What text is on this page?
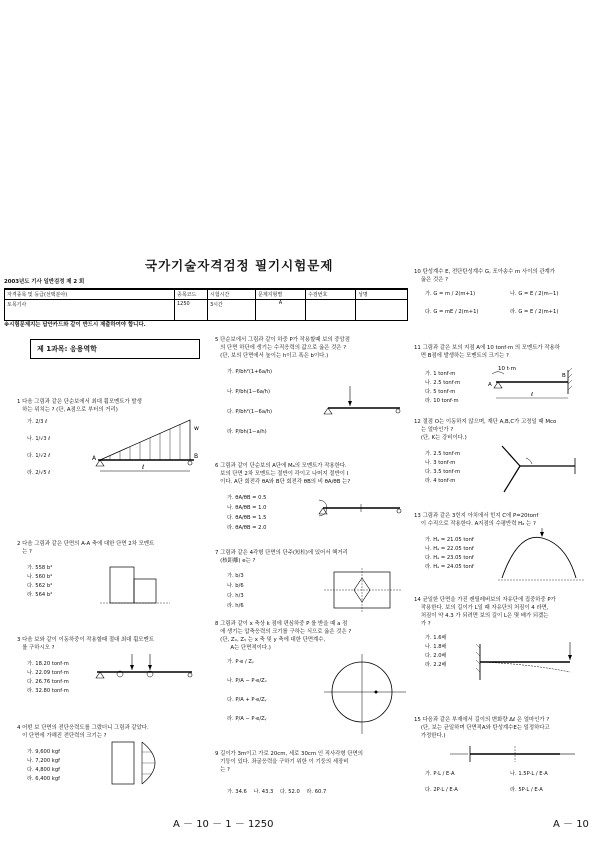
국가기술자격검정 필기시험문제
2003년도 기사 일반검정 제 2 회
자격종목 및 등급(선택분야)	종목코드	시험시간	문제지형별	수검번호	성명
토목기사	1250	3시간	A		
※시험문제지는 답안카드와 같이 반드시 제출하여야 합니다.
제 1과목: 응용역학
1 다음 그림과 같은 단순보에서 최대 휨모멘트가 발생
하는 위치는 ? (단, A점으로 부터의 거리)
가. 2/3 ℓ
나. 1/√3 ℓ
다. 1/√2 ℓ
라. 2/√5 ℓ
A	B
w
ℓ
2 다음 그림과 같은 단면의 A-A 축에 대한 단면 2차 모멘트
는 ?
가. 558 b⁴
나. 560 b⁴
다. 562 b⁴
라. 564 b⁴
3 다음 보와 같이 이동하중이 작용할때 절대 최대 휨모멘트
를 구하시오 ?
가. 18.20 tonf·m
나. 22.09 tonf·m
다. 26.76 tonf·m
라. 32.80 tonf·m
4 어떤 보 단면의 전단응력도를 그렸더니 그림과 같았다.
이 단면에 가해진 전단력의 크기는 ?
가. 9,600 kgf
나. 7,200 kgf
다. 4,800 kgf
라. 6,400 kgf
5 단순보에서 그림과 같이 하중 P가 작용할때 보의 중앙점
의 단면 하단에 생기는 수직응력의 값으로 옳은 것은 ?
(단, 보의 단면에서 높이는 h이고 폭은 b이다.)
가. P/bh²(1+6a/h)
나. P/bh(1−6a/h)
다. P/bh²(1−6a/h)
라. P/bh(1−a/h)
6 그림과 같이 단순보의 A단에 Mₐ의 모멘트가 작용한다.
보의 단면 2차 모멘트는 절반이 각이고 나머지 절반이 I
이다. A단 회전각 θA와 B단 회전각 θB의 비 θA/θB 는?
가. θA/θB = 0.5
나. θA/θB = 1.0
다. θA/θB = 1.5
라. θA/θB = 2.0
7 그림과 같은 4각형 단면의 단주(短柱)에 있어서 핵거리
(核距離) e는 ?
가. b/3
나. b/6
다. h/3
라. h/6
8 그림과 같이 x 축상 k 점에 편심하중 P 를 받을 때 a 점
에 생기는 압축응력의 크기를 구하는 식으로 옳은 것은 ?
(단, Zₓ, Zᵧ 는 x 축 및 y 축에 대한 단면계수,
A는 단면적이다.)
가. P·e / Zᵧ
나. P/A − P·e/Zₓ
다. P/A + P·e/Zᵧ
라. P/A − P·e/Zᵧ
9 길이가 3m이고 가로 20cm, 세로 30cm 인 직사각형 단면의
기둥이 있다. 좌굴응력을 구하기 위한 이 기둥의 세장비
는 ?
가. 34.6 나. 43.3 다. 52.0 라. 60.7
10 탄성계수 E, 전단탄성계수 G, 포아송수 m 사이의 관계가
옳은 것은 ?
가. G = m / 2(m+1)
다. G = mE / 2(m+1)
나. G = E / 2(m−1)
라. G = E / 2(m+1)
11 그림과 같은 보의 지점 A에 10 tonf·m 의 모멘트가 작용하
면 B점에 발생하는 모멘트의 크기는 ?
가. 1 tonf·m
나. 2.5 tonf·m
다. 5 tonf·m
라. 10 tonf·m
10 t·m
A
B
ℓ
12 절점 O는 이동하지 않으며, 재단 A,B,C가 고정일 때 Mco
는 얼마인가 ?
(단, K는 강비이다.)
가. 2.5 tonf·m
나. 3 tonf·m
다. 3.5 tonf·m
라. 4 tonf·m
13 그림과 같은 3힌지 아치에서 힌지 C에 P=20tonf
이 수직으로 작용한다. A지점의 수평반력 Hₐ 는 ?
가. Hₐ = 21.05 tonf
나. Hₐ = 22.05 tonf
다. Hₐ = 23.05 tonf
라. Hₐ = 24.05 tonf
14 균일한 단면을 가진 캔틸레버보의 자유단에 집중하중 P가
작용한다. 보의 길이가 L일 때 자유단의 처짐이 4 라면,
처짐이 약 4.3 가 되려면 보의 길이 L은 몇 배가 되겠는
가 ?
가. 1.6배
나. 1.8배
다. 2.0배
라. 2.2배
15 다음과 같은 부재에서 길이의 변화량 Δℓ 은 얼마인가 ?
(단, 보는 균일하며 단면적A와 탄성계수E는 일정하다고
가정한다.)
가. P·L / E·A
다. 2P·L / E·A
나. 1.5P·L / E·A
라. 5P·L / E·A
A － 10 － 1 － 1250	A － 10
